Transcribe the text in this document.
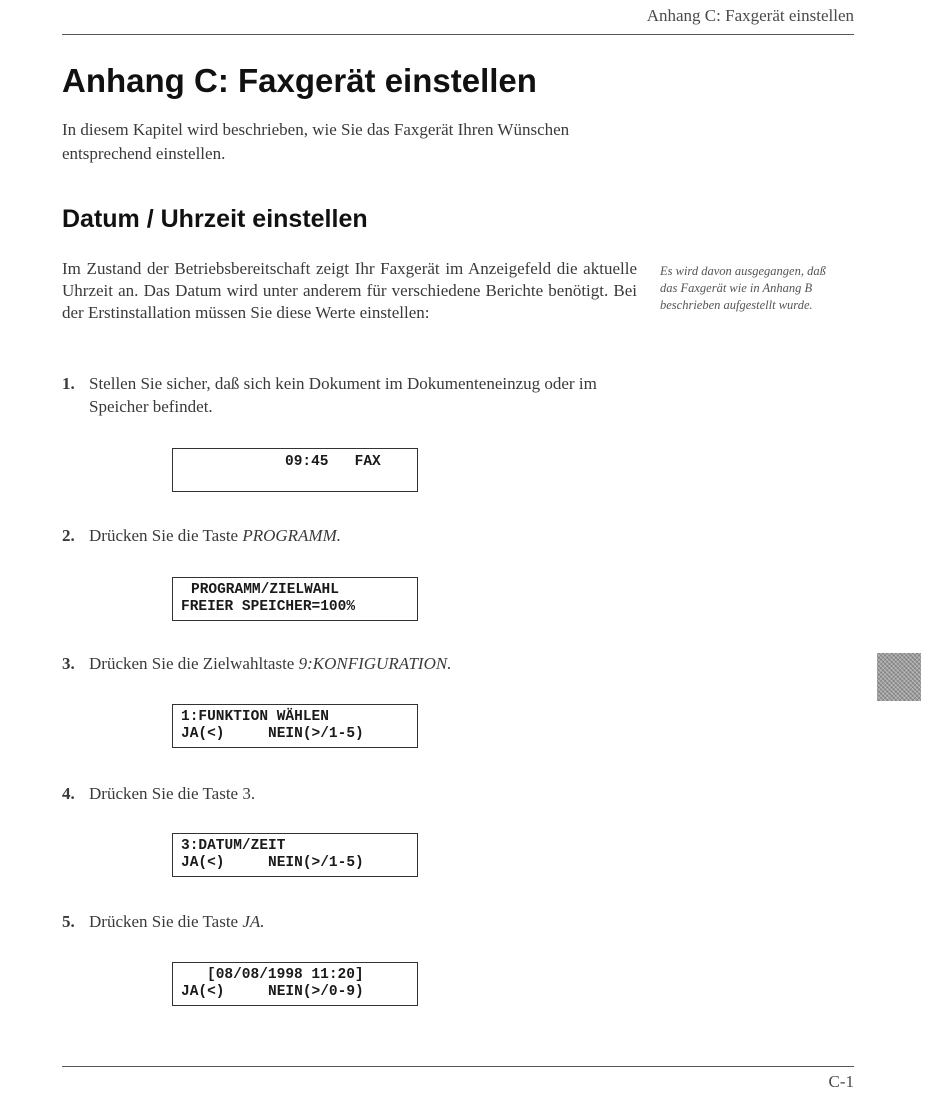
Anhang C: Faxgerät einstellen
Anhang C: Faxgerät einstellen

In diesem Kapitel wird beschrieben, wie Sie das Faxgerät Ihren Wünschen entsprechend einstellen.

Datum / Uhrzeit einstellen

Im Zustand der Betriebsbereitschaft zeigt Ihr Faxgerät im Anzeigefeld die aktuelle Uhrzeit an. Das Datum wird unter anderem für verschiedene Berichte benötigt. Bei der Erstinstallation müssen Sie diese Werte einstellen:

Es wird davon ausgegangen, daß das Faxgerät wie in Anhang B beschrieben aufgestellt wurde.

1. Stellen Sie sicher, daß sich kein Dokument im Dokumenteneinzug oder im Speicher befindet.
09:45   FAX
2. Drücken Sie die Taste PROGRAMM.
PROGRAMM/ZIELWAHL
FREIER SPEICHER=100%
3. Drücken Sie die Zielwahltaste 9:KONFIGURATION.
1:FUNKTION WÄHLEN
JA(<)     NEIN(>/1-5)
4. Drücken Sie die Taste 3.
3:DATUM/ZEIT
JA(<)     NEIN(>/1-5)
5. Drücken Sie die Taste JA.
[08/08/1998 11:20]
JA(<)     NEIN(>/0-9)
C-1
